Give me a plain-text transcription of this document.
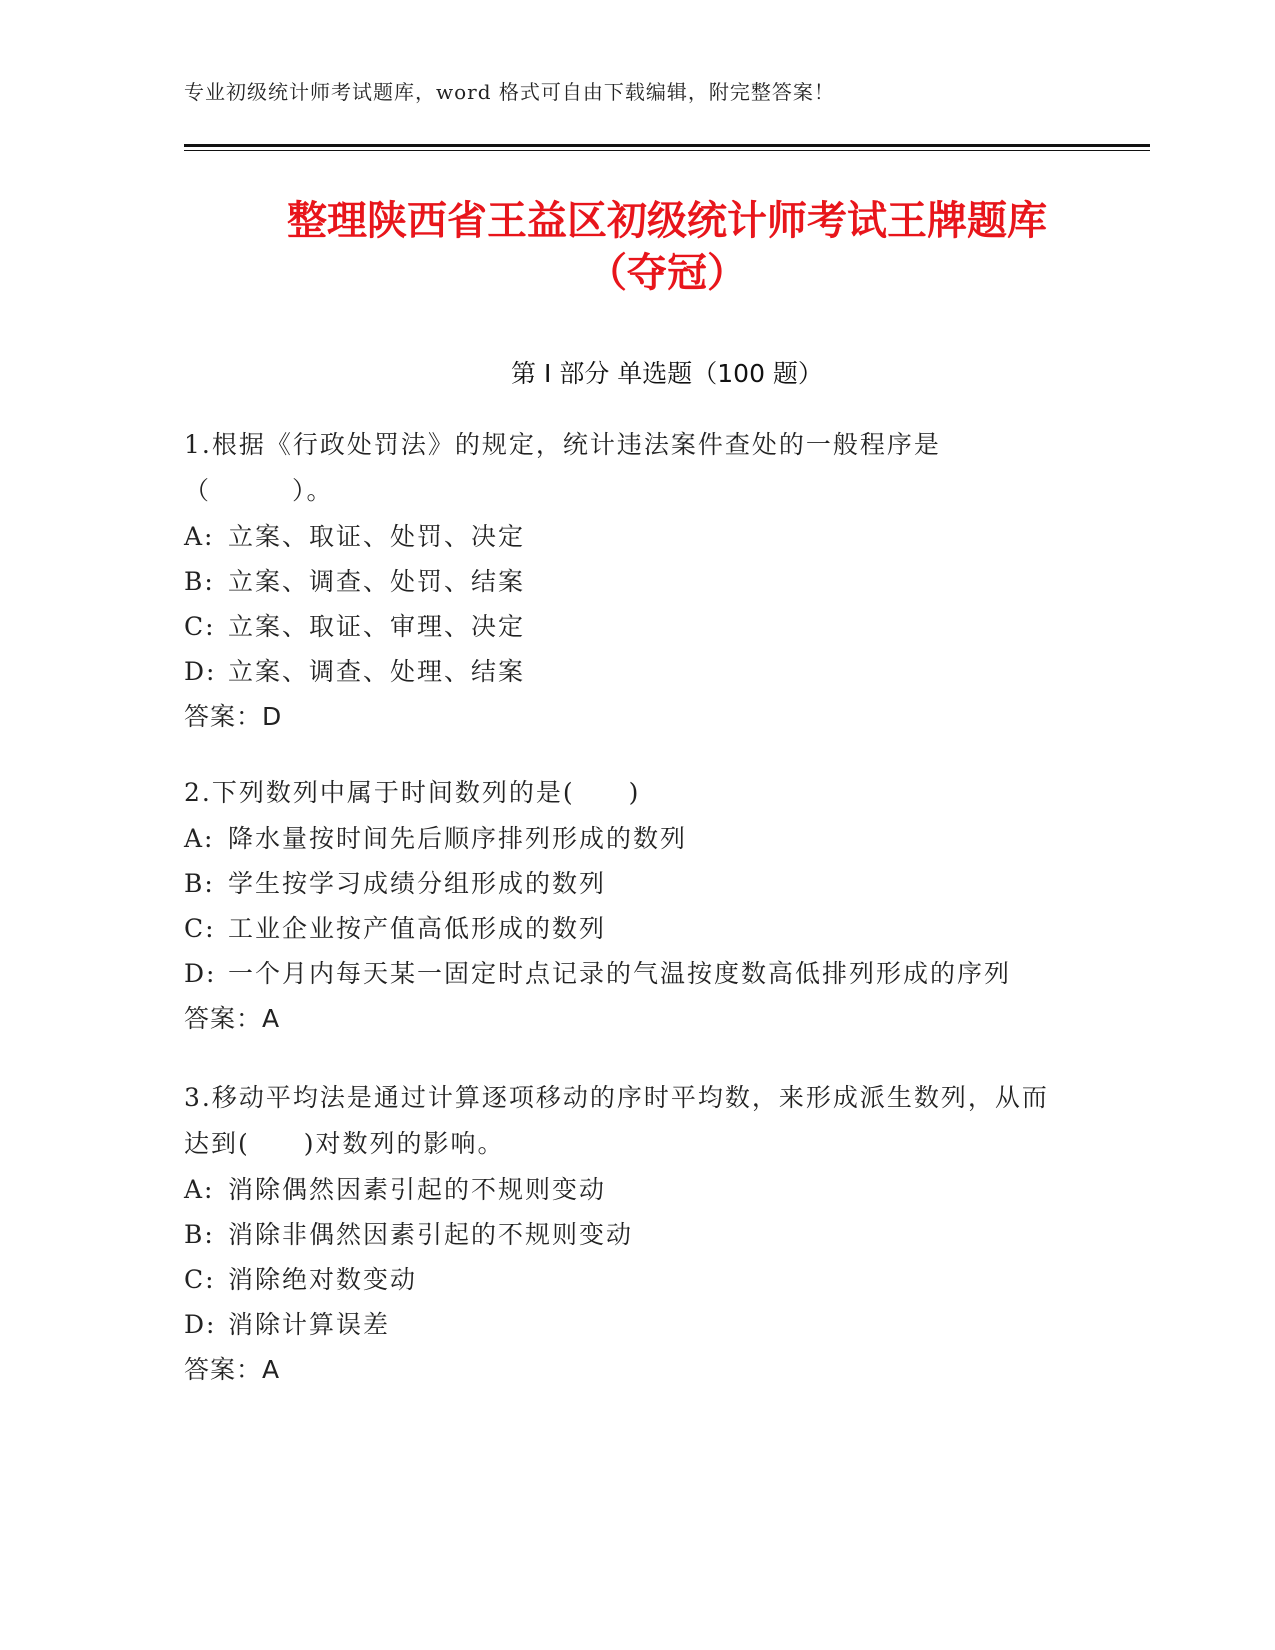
专业初级统计师考试题库，word 格式可自由下载编辑，附完整答案！
整理陕西省王益区初级统计师考试王牌题库
（夺冠）
第 I 部分 单选题（100 题）

1.根据《行政处罚法》的规定，统计违法案件查处的一般程序是（　　　）。

A: 立案、取证、处罚、决定

B: 立案、调查、处罚、结案

C: 立案、取证、审理、决定

D: 立案、调查、处理、结案

答案：D

2.下列数列中属于时间数列的是(　　)

A: 降水量按时间先后顺序排列形成的数列

B: 学生按学习成绩分组形成的数列

C: 工业企业按产值高低形成的数列

D: 一个月内每天某一固定时点记录的气温按度数高低排列形成的序列

答案：A

3.移动平均法是通过计算逐项移动的序时平均数，来形成派生数列，从而达到(　　)对数列的影响。

A: 消除偶然因素引起的不规则变动

B: 消除非偶然因素引起的不规则变动

C: 消除绝对数变动

D: 消除计算误差

答案：A
